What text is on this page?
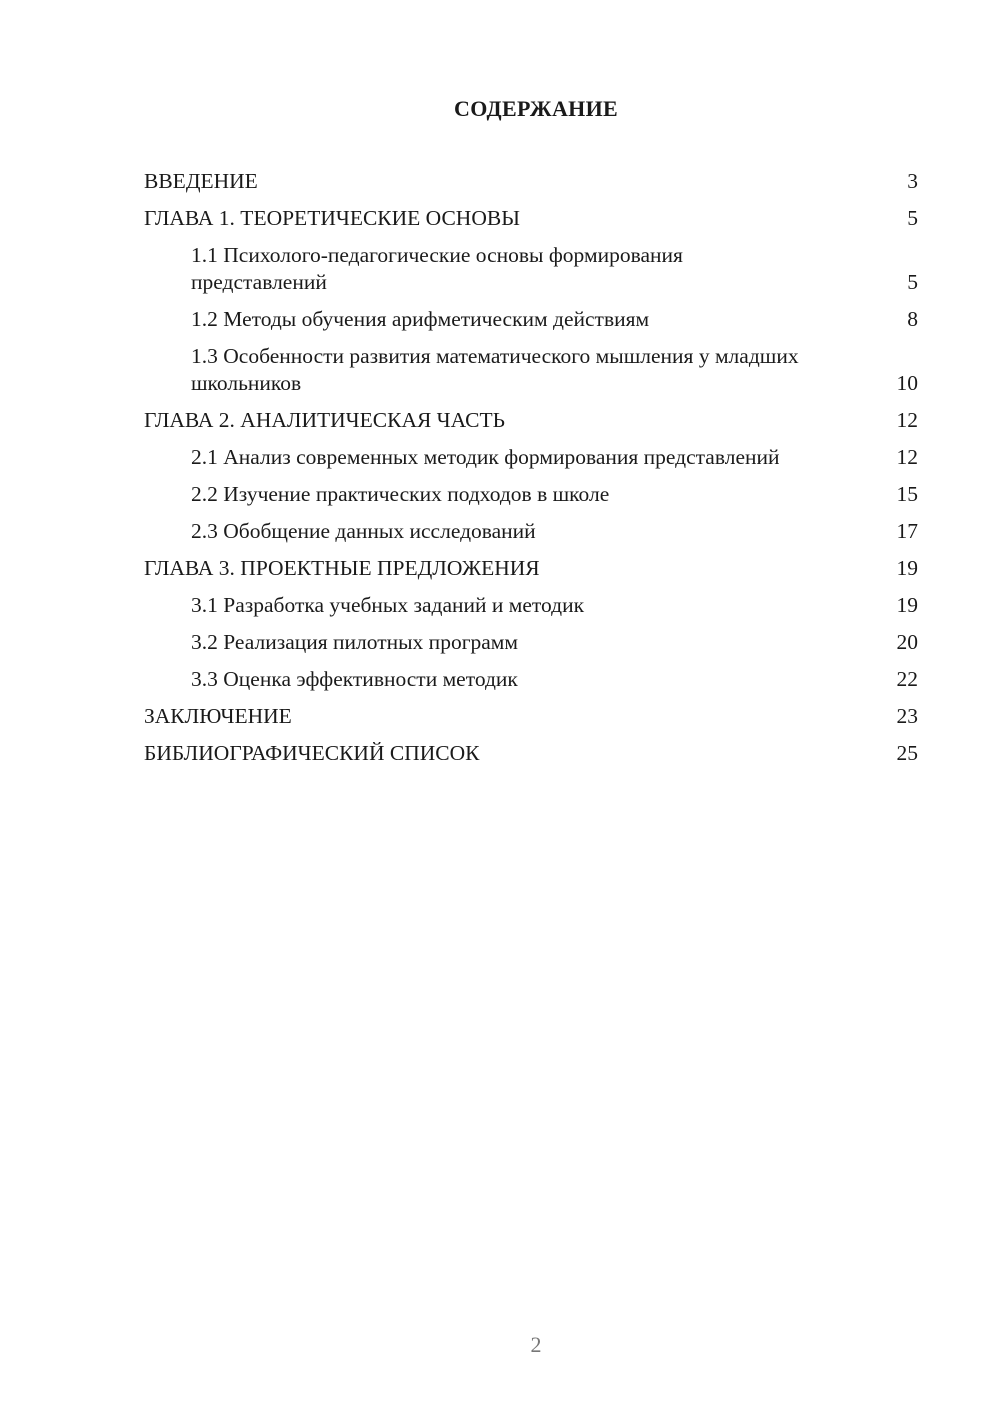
СОДЕРЖАНИЕ
ВВЕДЕНИЕ	3
ГЛАВА 1. ТЕОРЕТИЧЕСКИЕ ОСНОВЫ	5
1.1 Психолого-педагогические основы формирования представлений	5
1.2 Методы обучения арифметическим действиям	8
1.3 Особенности развития математического мышления у младших школьников	10
ГЛАВА 2. АНАЛИТИЧЕСКАЯ ЧАСТЬ	12
2.1 Анализ современных методик формирования представлений	12
2.2 Изучение практических подходов в школе	15
2.3 Обобщение данных исследований	17
ГЛАВА 3. ПРОЕКТНЫЕ ПРЕДЛОЖЕНИЯ	19
3.1 Разработка учебных заданий и методик	19
3.2 Реализация пилотных программ	20
3.3 Оценка эффективности методик	22
ЗАКЛЮЧЕНИЕ	23
БИБЛИОГРАФИЧЕСКИЙ СПИСОК	25
2
